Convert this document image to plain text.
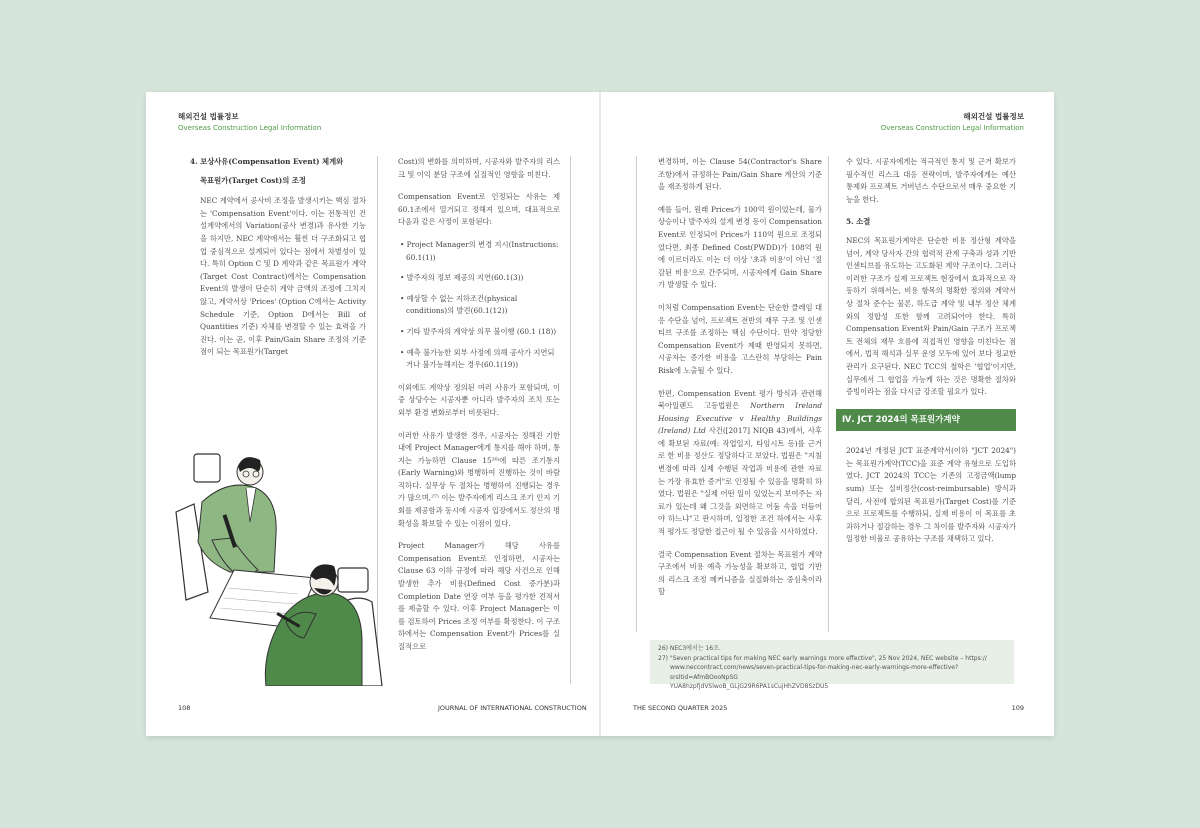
해외건설 법률정보
Overseas Construction Legal Information
해외건설 법률정보
Overseas Construction Legal Information
4. 보상사유(Compensation Event) 체계와
목표원가(Target Cost)의 조정

NEC 계약에서 공사비 조정을 발생시키는 핵심 절차는 'Compensation Event'이다. 이는 전통적인 건설계약에서의 Variation(공사 변경)과 유사한 기능을 하지만, NEC 계약에서는 훨씬 더 구조화되고 협업 중심적으로 설계되어 있다는 점에서 차별성이 있다. 특히 Option C 및 D 계약과 같은 목표원가 계약(Target Cost Contract)에서는 Compensation Event의 발생이 단순히 계약 금액의 조정에 그치지 않고, 계약서상 'Prices' (Option C에서는 Activity Schedule 기준, Option D에서는 Bill of Quantities 기준) 자체를 변경할 수 있는 효력을 가진다. 이는 곧, 이후 Pain/Gain Share 조정의 기준점이 되는 목표원가(Target

Cost)의 변화를 의미하며, 시공자와 발주자의 리스크 및 이익 분담 구조에 실질적인 영향을 미친다.

Compensation Event로 인정되는 사유는 제60.1조에서 열거되고 정해져 있으며, 대표적으로 다음과 같은 사정이 포함된다:

• Project Manager의 변경 지시(Instructions: 60.1(1))
• 발주자의 정보 제공의 지연(60.1(3))
• 예상할 수 없는 지하조건(physical conditions)의 발견(60.1(12))
• 기타 발주자의 계약상 의무 불이행 (60.1 (18))
• 예측 불가능한 외부 사정에 의해 공사가 지연되거나 불가능해지는 경우(60.1(19))

이외에도 계약상 정의된 여러 사유가 포함되며, 이 중 상당수는 시공자뿐 아니라 발주자의 조치 또는 외부 환경 변화로부터 비롯된다.

이러한 사유가 발생한 경우, 시공자는 정해진 기한 내에 Project Manager에게 통지를 해야 하며, 통지는 가능하면 Clause 15²⁶⁾에 따른 조기통지(Early Warning)와 병행하여 진행하는 것이 바람직하다. 실무상 두 절차는 병행하여 진행되는 경우가 많으며,²⁷⁾ 이는 발주자에게 리스크 조기 인지 기회를 제공함과 동시에 시공자 입장에서도 정산의 명확성을 확보할 수 있는 이점이 있다.

Project Manager가 해당 사유를 Compensation Event로 인정하면, 시공자는 Clause 63 이하 규정에 따라 해당 사건으로 인해 발생한 추가 비용(Defined Cost 증가분)과 Completion Date 연장 여부 등을 평가한 견적서를 제출할 수 있다. 이후 Project Manager는 이를 검토하여 Prices 조정 여부를 확정한다. 이 구조 하에서는 Compensation Event가 Prices를 실질적으로

변경하며, 이는 Clause 54(Contractor's Share 조항)에서 규정하는 Pain/Gain Share 계산의 기준을 재조정하게 된다.

예를 들어, 원래 Prices가 100억 원이었는데, 물가 상승이나 발주자의 설계 변경 등이 Compensation Event로 인정되어 Prices가 110억 원으로 조정되었다면, 최종 Defined Cost(PWDD)가 108억 원에 이르더라도 이는 더 이상 '초과 비용'이 아닌 '절감된 비용'으로 간주되며, 시공자에게 Gain Share가 발생할 수 있다.

이처럼 Compensation Event는 단순한 클레임 대응 수단을 넘어, 프로젝트 전반의 재무 구조 및 인센티브 구조를 조정하는 핵심 수단이다. 만약 정당한 Compensation Event가 제때 반영되지 못하면, 시공자는 증가한 비용을 고스란히 부담하는 Pain Risk에 노출될 수 있다.

한편, Compensation Event 평가 방식과 관련해 북아일랜드 고등법원은 Northern Ireland Housing Executive v Healthy Buildings (Ireland) Ltd 사건([2017] NIQB 43)에서, 사후에 확보된 자료(예: 작업일지, 타임시트 등)를 근거로 한 비용 정산도 정당하다고 보았다. 법원은 "지침 변경에 따라 실제 수행된 작업과 비용에 관한 자료는 가장 유효한 증거"로 인정될 수 있음을 명확히 하였다. 법원은 "실제 어떤 일이 있었는지 보여주는 자료가 있는데 왜 그것을 외면하고 어둠 속을 더듬어야 하느냐"고 판시하며, 입정한 조건 하에서는 사후적 평가도 정당한 접근이 될 수 있음을 시사하였다.

결국 Compensation Event 절차는 목표원가 계약 구조에서 비용 예측 가능성을 확보하고, 협업 기반의 리스크 조정 메커니즘을 실질화하는 중심축이라 할

수 있다. 시공자에게는 적극적인 통지 및 근거 확보가 필수적인 리스크 대응 전략이며, 발주자에게는 예산 통제와 프로젝트 거버넌스 수단으로서 매우 중요한 기능을 한다.

5. 소결

NEC의 목표원가계약은 단순한 비용 정산형 계약을 넘어, 계약 당사자 간의 협력적 관계 구축과 성과 기반 인센티브를 유도하는 고도화된 계약 구조이다. 그러나 이러한 구조가 실제 프로젝트 현장에서 효과적으로 작동하기 위해서는, 비용 항목의 명확한 정의와 계약서상 절차 준수는 물론, 하도급 계약 및 내부 정산 체계와의 정합성 또한 함께 고려되어야 한다. 특히 Compensation Event와 Pain/Gain 구조가 프로젝트 전체의 재무 흐름에 직접적인 영향을 미친다는 점에서, 법적 해석과 실무 운영 모두에 있어 보다 정교한 관리가 요구된다. NEC TCC의 철학은 '협업'이지만, 실무에서 그 협업을 가능케 하는 것은 명확한 절차와 증빙이라는 점을 다시금 강조할 필요가 있다.

Ⅳ. JCT 2024의 목표원가계약

2024년 개정된 JCT 표준계약서(이하 "JCT 2024")는 목표원가계약(TCC)을 표준 계약 유형으로 도입하였다. JCT 2024의 TCC는 기존의 고정금액(lump sum) 또는 실비정산(cost-reimbursable) 방식과 달리, 사전에 합의된 목표원가(Target Cost)를 기준으로 프로젝트를 수행하되, 실제 비용이 이 목표를 초과하거나 절감하는 경우 그 차이를 발주자와 시공자가 일정한 비율로 공유하는 구조를 채택하고 있다.

26) NEC3에서는 16조.
27) "Seven practical tips for making NEC early warnings more effective", 25 Nov 2024, NEC website – https://
www.neccontract.com/news/seven-practical-tips-for-making-nec-early-warnings-more-effective?srsltid=AfmBOooNpSG
YUA8hzpfjdVSlwoB_GLjG29R6PA1sCujHhZVD8SzDU5
108	JOURNAL OF INTERNATIONAL CONSTRUCTION	THE SECOND QUARTER 2025	109
